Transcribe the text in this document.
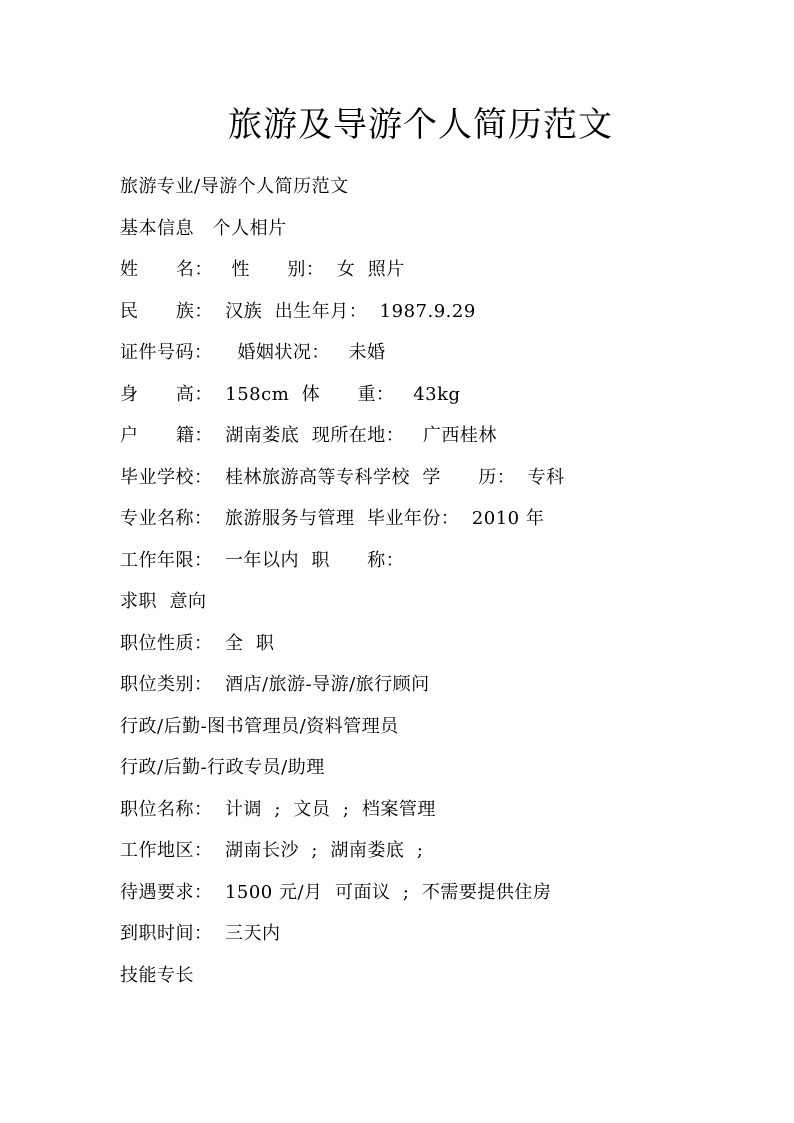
旅游及导游个人简历范文
旅游专业/导游个人简历范文
基本信息   个人相片
姓      名：   性      别：  女  照片
民      族：  汉族  出生年月：  1987.9.29
证件号码：    婚姻状况：   未婚
身      高：  158cm  体      重：   43kg
户      籍：  湖南娄底  现所在地：   广西桂林
毕业学校：  桂林旅游高等专科学校  学      历：  专科
专业名称：  旅游服务与管理  毕业年份：  2010 年
工作年限：  一年以内  职      称：
求职  意向
职位性质：  全  职
职位类别：  酒店/旅游-导游/旅行顾问
行政/后勤-图书管理员/资料管理员
行政/后勤-行政专员/助理
职位名称：  计调  ;  文员  ;  档案管理
工作地区：  湖南长沙  ;  湖南娄底  ;
待遇要求：  1500 元/月  可面议  ;  不需要提供住房
到职时间：  三天内
技能专长
